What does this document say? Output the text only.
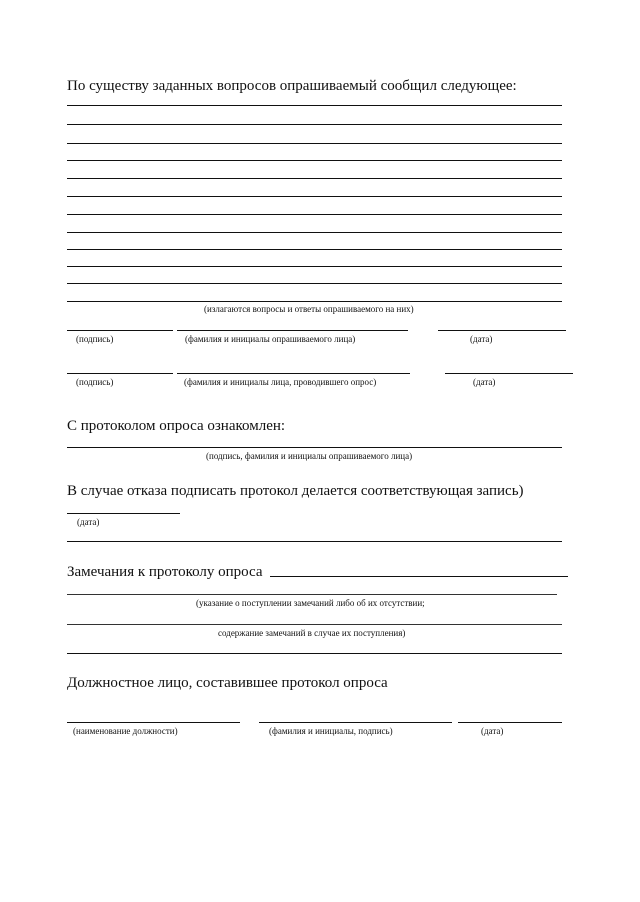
По существу заданных вопросов опрашиваемый сообщил следующее:
(излагаются вопросы и ответы опрашиваемого на них)
(подпись)	(фамилия и инициалы опрашиваемого лица)	(дата)
(подпись)	(фамилия и инициалы лица, проводившего опрос)	(дата)
С протоколом опроса ознакомлен:
(подпись, фамилия и инициалы опрашиваемого лица)
В случае отказа подписать протокол делается соответствующая запись)
(дата)
Замечания к протоколу опроса
(указание о поступлении замечаний либо об их отсутствии;
содержание замечаний в случае их поступления)
Должностное лицо, составившее протокол опроса
(наименование должности)	(фамилия и инициалы, подпись)	(дата)
